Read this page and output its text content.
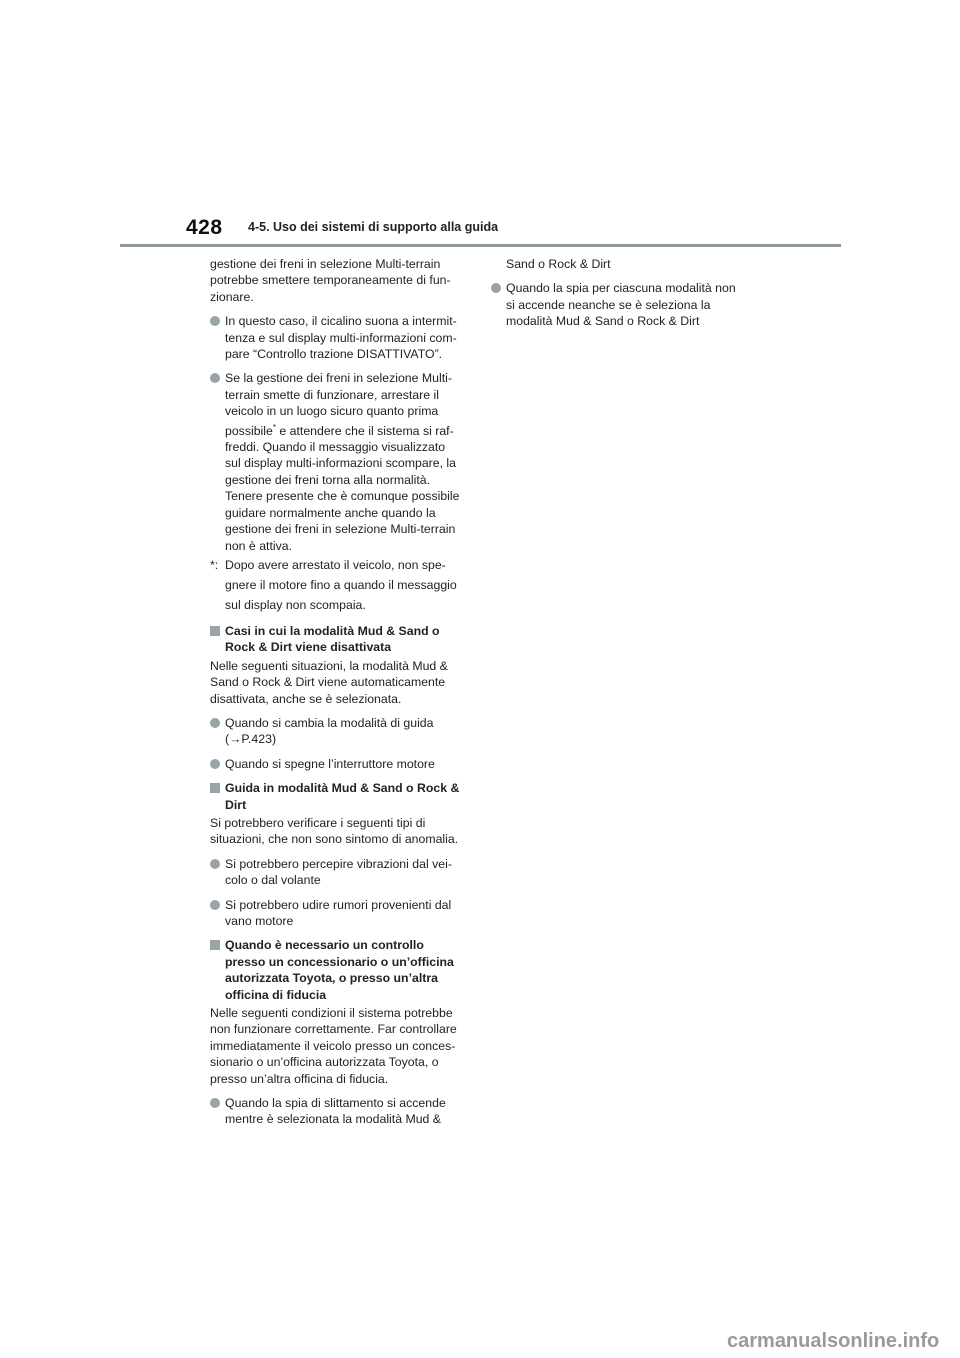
428 4-5. Uso dei sistemi di supporto alla guida

gestione dei freni in selezione Multi-terrain
potrebbe smettere temporaneamente di fun-
zionare.

In questo caso, il cicalino suona a intermit-
tenza e sul display multi-informazioni com-
pare “Controllo trazione DISATTIVATO”.
Se la gestione dei freni in selezione Multi-
terrain smette di funzionare, arrestare il
veicolo in un luogo sicuro quanto prima
possibile* e attendere che il sistema si raf-
freddi. Quando il messaggio visualizzato
sul display multi-informazioni scompare, la
gestione dei freni torna alla normalità.
Tenere presente che è comunque possibile
guidare normalmente anche quando la
gestione dei freni in selezione Multi-terrain
non è attiva.
*: Dopo avere arrestato il veicolo, non spe-
gnere il motore fino a quando il messaggio
sul display non scompaia.
Casi in cui la modalità Mud & Sand o
Rock & Dirt viene disattivata

Nelle seguenti situazioni, la modalità Mud &
Sand o Rock & Dirt viene automaticamente
disattivata, anche se è selezionata.

Quando si cambia la modalità di guida
(→P.423)
Quando si spegne l’interruttore motore
Guida in modalità Mud & Sand o Rock &
Dirt

Si potrebbero verificare i seguenti tipi di
situazioni, che non sono sintomo di anomalia.

Si potrebbero percepire vibrazioni dal vei-
colo o dal volante
Si potrebbero udire rumori provenienti dal
vano motore
Quando è necessario un controllo
presso un concessionario o un’officina
autorizzata Toyota, o presso un’altra
officina di fiducia

Nelle seguenti condizioni il sistema potrebbe
non funzionare correttamente. Far controllare
immediatamente il veicolo presso un conces-
sionario o un’officina autorizzata Toyota, o
presso un’altra officina di fiducia.

Quando la spia di slittamento si accende
mentre è selezionata la modalità Mud &

Sand o Rock & Dirt

Quando la spia per ciascuna modalità non
si accende neanche se è seleziona la
modalità Mud & Sand o Rock & Dirt
carmanualsonline.info
